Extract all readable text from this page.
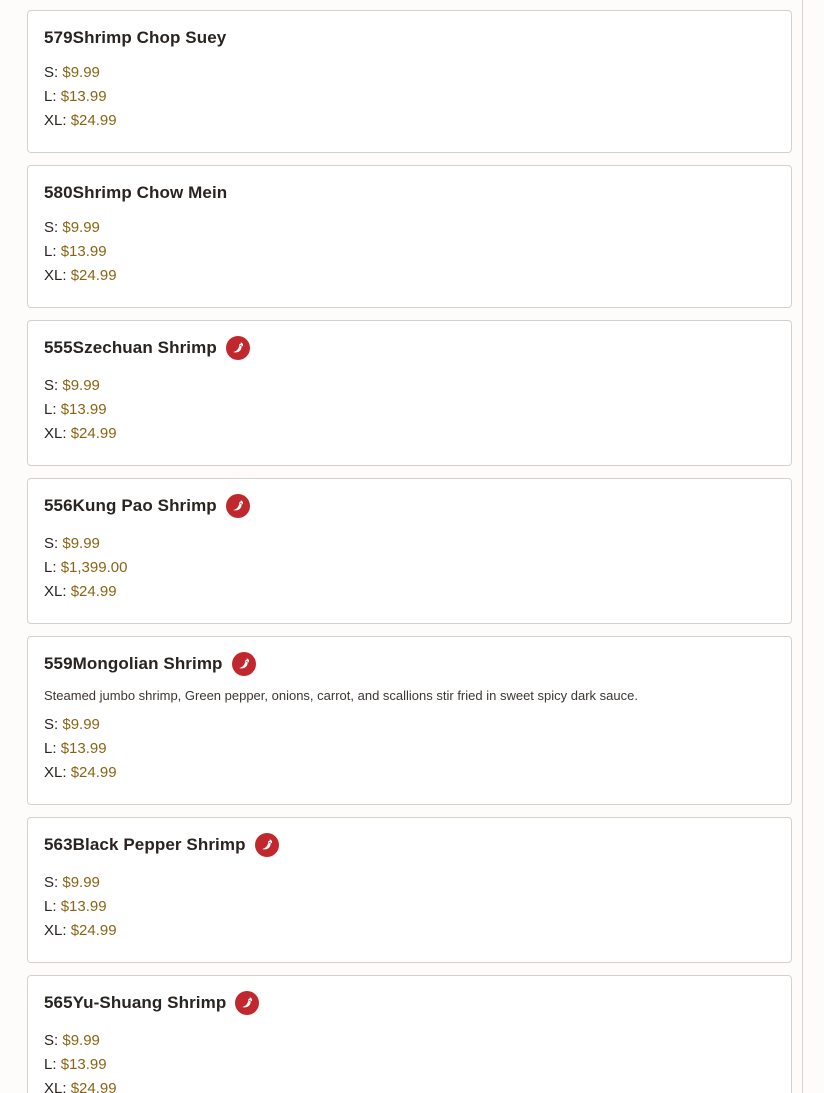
579Shrimp Chop Suey
S: $9.99
L: $13.99
XL: $24.99
580Shrimp Chow Mein
S: $9.99
L: $13.99
XL: $24.99
555Szechuan Shrimp
S: $9.99
L: $13.99
XL: $24.99
556Kung Pao Shrimp
S: $9.99
L: $1,399.00
XL: $24.99
559Mongolian Shrimp
Steamed jumbo shrimp, Green pepper, onions, carrot, and scallions stir fried in sweet spicy dark sauce.
S: $9.99
L: $13.99
XL: $24.99
563Black Pepper Shrimp
S: $9.99
L: $13.99
XL: $24.99
565Yu-Shuang Shrimp
S: $9.99
L: $13.99
XL: $24.99
